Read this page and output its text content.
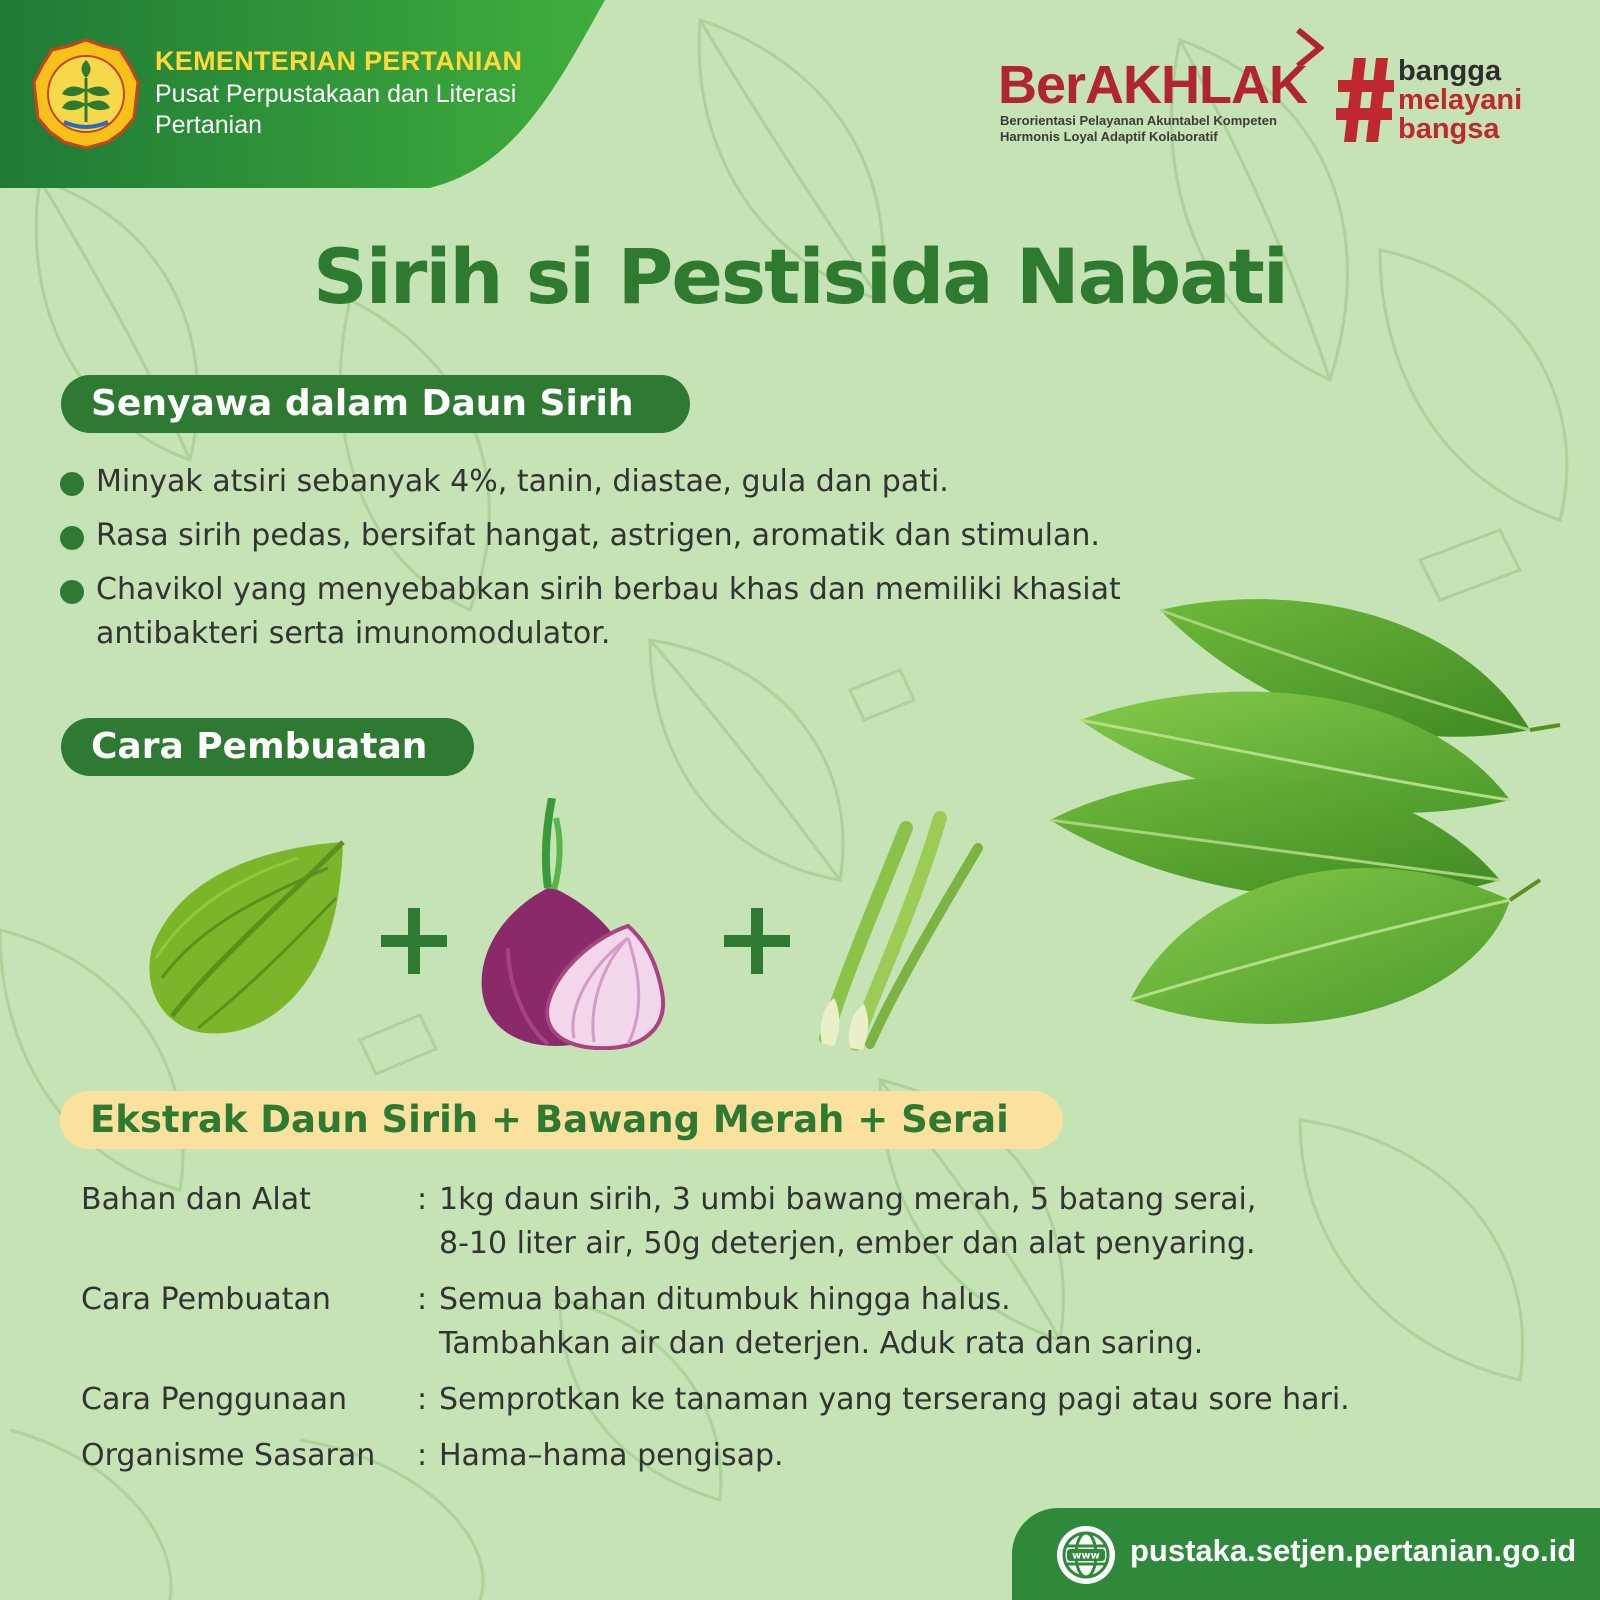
KEMENTERIAN PERTANIAN
Pusat Perpustakaan dan Literasi Pertanian
BerAKHLAK
Berorientasi Pelayanan Akuntabel Kompeten
Harmonis Loyal Adaptif Kolaboratif
bangga
melayani
bangsa
Sirih si Pestisida Nabati
Senyawa dalam Daun Sirih
Minyak atsiri sebanyak 4%, tanin, diastae, gula dan pati.
Rasa sirih pedas, bersifat hangat, astrigen, aromatik dan stimulan.
Chavikol yang menyebabkan sirih berbau khas dan memiliki khasiat antibakteri serta imunomodulator.
Cara Pembuatan
Ekstrak Daun Sirih + Bawang Merah + Serai
Bahan dan Alat	: 1kg daun sirih, 3 umbi bawang merah, 5 batang serai,
8-10 liter air, 50g deterjen, ember dan alat penyaring.
Cara Pembuatan	: Semua bahan ditumbuk hingga halus.
Tambahkan air dan deterjen. Aduk rata dan saring.
Cara Penggunaan : Semprotkan ke tanaman yang terserang pagi atau sore hari.
Organisme Sasaran : Hama–hama pengisap.
www pustaka.setjen.pertanian.go.id
